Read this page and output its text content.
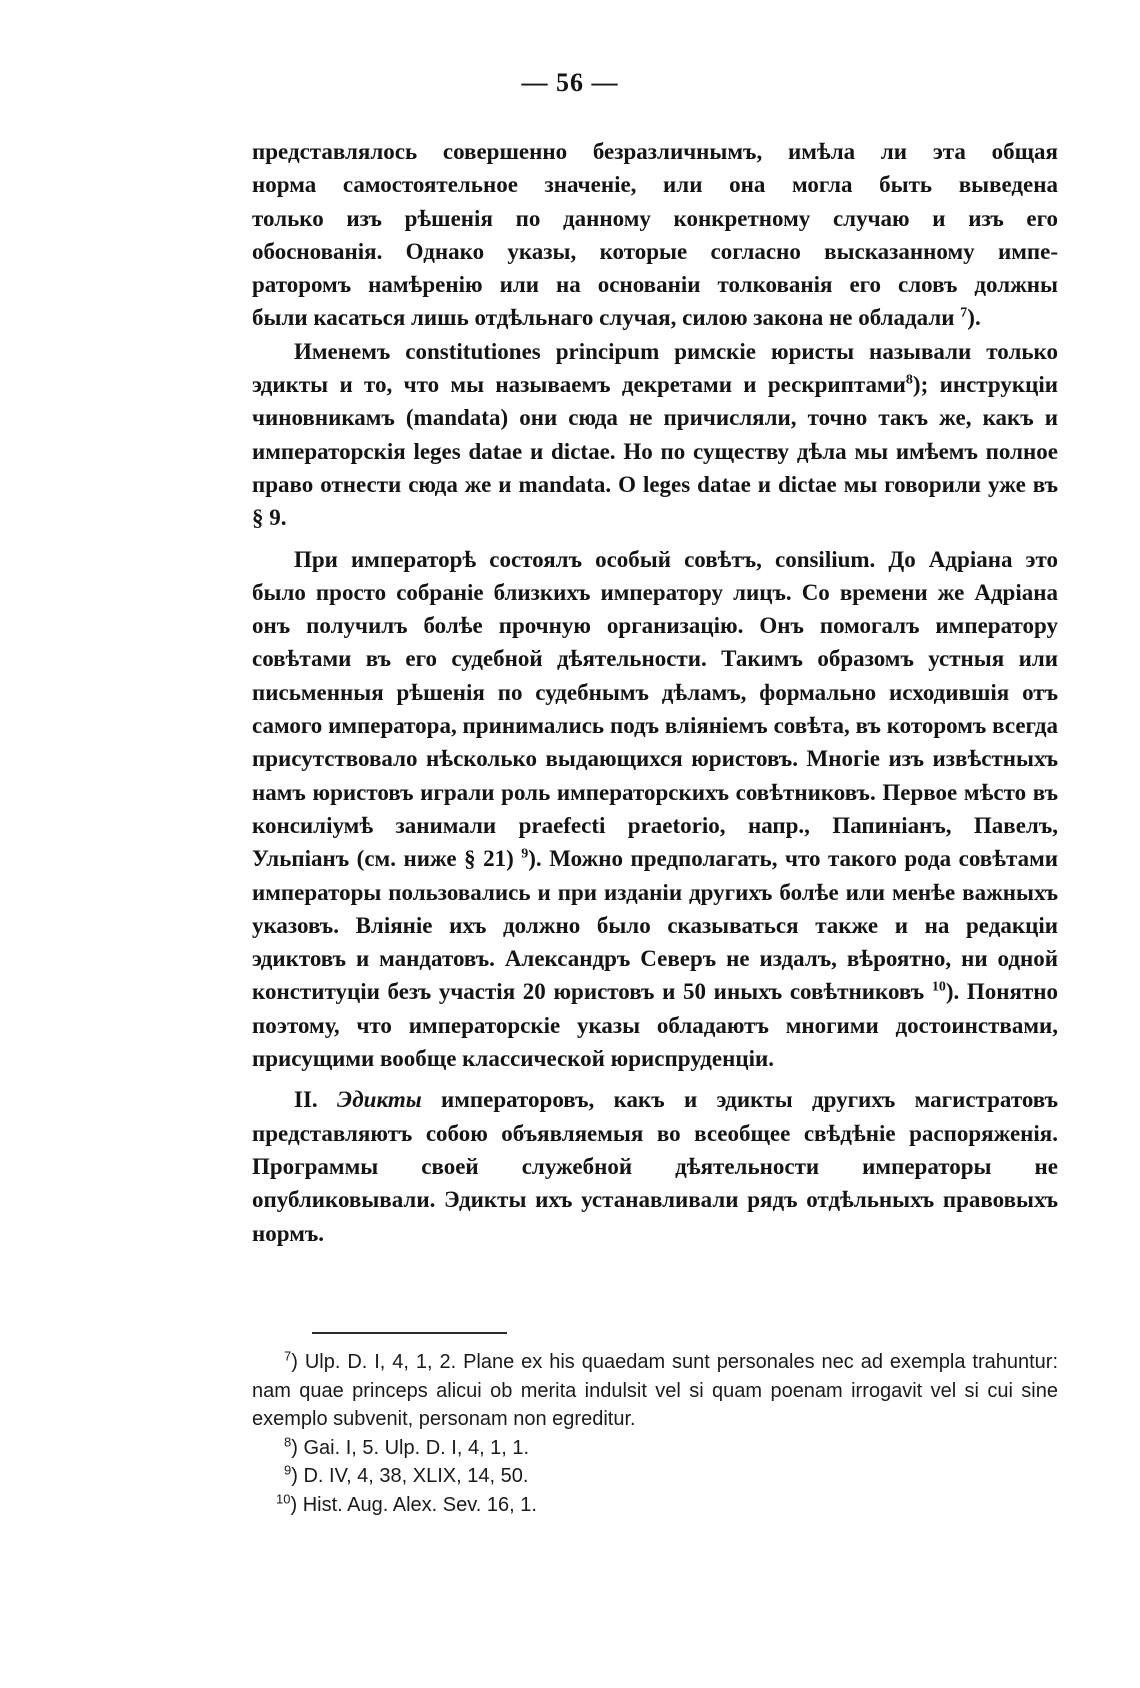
— 56 —

представлялось совершенно безразличнымъ, имѣла ли эта общая

норма самостоятельное значеніе, или она могла быть выведена

только изъ рѣшенія по данному конкретному случаю и изъ его

обоснованія. Однако указы, которые согласно высказанному импе-

раторомъ намѣренію или на основаніи толкованія его словъ должны

были касаться лишь отдѣльнаго случая, силою закона не обладали $^7$).

Именемъ constitutiones principum римскіе юристы называли только эдикты и то, что мы называемъ декретами и рескриптами$^8$); инструкціи чиновникамъ (mandata) они сюда не причисляли, точно такъ же, какъ и императорскія leges datae и dictae. Но по существу дѣла мы имѣемъ полное право отнести сюда же и mandata. О leges datae и dictae мы говорили уже въ § 9.

При императорѣ состоялъ особый совѣтъ, consilium. До Адріана это было просто собраніе близкихъ императору лицъ. Со времени же Адріана онъ получилъ болѣе прочную организацію. Онъ помогалъ императору совѣтами въ его судебной дѣятельности. Такимъ образомъ устныя или письменныя рѣшенія по судебнымъ дѣламъ, формально исходившія отъ самого императора, принимались подъ вліяніемъ совѣта, въ которомъ всегда присутствовало нѣсколько выдающихся юристовъ. Многіе изъ извѣстныхъ намъ юристовъ играли роль императорскихъ совѣтниковъ. Первое мѣсто въ консиліумѣ занимали praefecti praetorio, напр., Папиніанъ, Павелъ, Ульпіанъ (см. ниже § 21) $^9$). Можно предполагать, что такого рода совѣтами императоры пользовались и при изданіи другихъ болѣе или менѣе важныхъ указовъ. Вліяніе ихъ должно было сказываться также и на редакціи эдиктовъ и мандатовъ. Александръ Северъ не издалъ, вѣроятно, ни одной конституціи безъ участія 20 юристовъ и 50 иныхъ совѣтниковъ $^{10}$). Понятно поэтому, что императорскіе указы обладаютъ многими достоинствами, присущими вообще классической юриспруденціи.

II. Эдикты императоровъ, какъ и эдикты другихъ магистратовъ представляютъ собою объявляемыя во всеобщее свѣдѣніе распоряженія. Программы своей служебной дѣятельности императоры не опубликовывали. Эдикты ихъ устанавливали рядъ отдѣльныхъ правовыхъ нормъ.

$^7$) Ulp. D. I, 4, 1, 2. Plane ex his quaedam sunt personales nec ad exempla trahuntur: nam quae princeps alicui ob merita indulsit vel si quam poenam irrogavit vel si cui sine exemplo subvenit, personam non egreditur.

$^8$) Gai. I, 5. Ulp. D. I, 4, 1, 1.

$^9$) D. IV, 4, 38, XLIX, 14, 50.

$^{10}$) Hist. Aug. Alex. Sev. 16, 1.
